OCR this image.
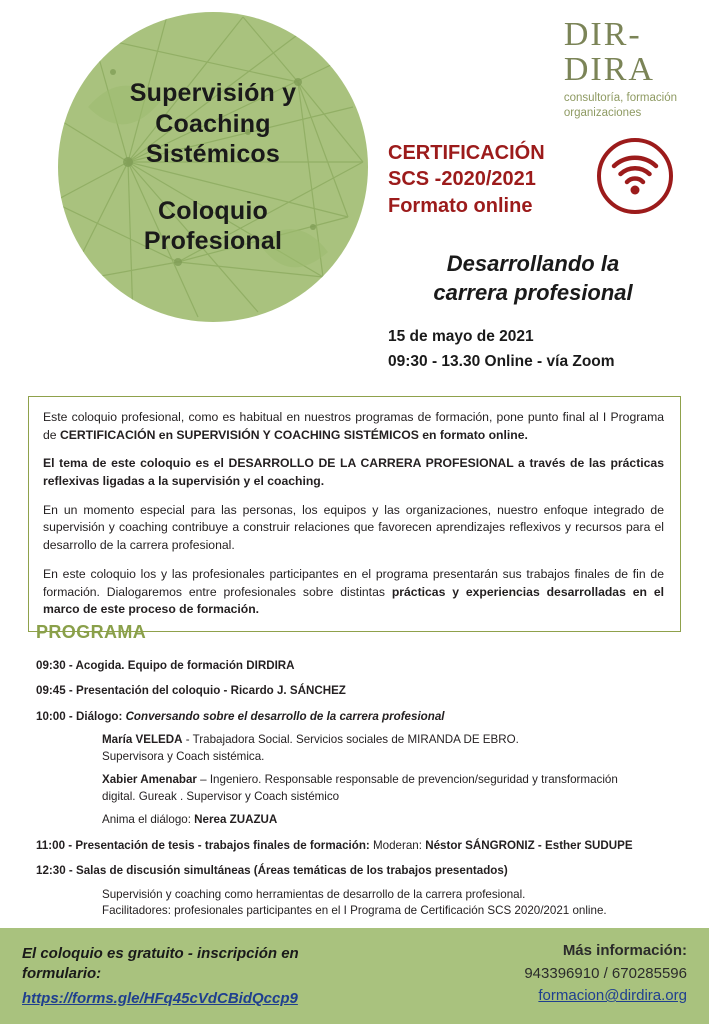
Supervisión y
Coaching
Sistémicos
Coloquio
Profesional
DIR-
DIRA
consultoría, formación
organizaciones
CERTIFICACIÓN
SCS -2020/2021
Formato online
Desarrollando la
carrera profesional
15 de mayo de 2021
09:30 - 13.30 Online - vía Zoom

Este coloquio profesional, como es habitual en nuestros programas de formación, pone punto final al I Programa de CERTIFICACIÓN en SUPERVISIÓN Y COACHING SISTÉMICOS en formato online.

El tema de este coloquio es el DESARROLLO DE LA CARRERA PROFESIONAL a través de las prácticas reflexivas ligadas a la supervisión y el coaching.

En un momento especial para las personas, los equipos y las organizaciones, nuestro enfoque integrado de supervisión y coaching contribuye a construir relaciones que favorecen aprendizajes reflexivos y recursos para el desarrollo de la carrera profesional.

En este coloquio los y las profesionales participantes en el programa presentarán sus trabajos finales de fin de formación. Dialogaremos entre profesionales sobre distintas prácticas y experiencias desarrolladas en el marco de este proceso de formación.

PROGRAMA
09:30 - Acogida. Equipo de formación DIRDIRA
09:45 - Presentación del coloquio - Ricardo J. SÁNCHEZ
10:00 - Diálogo: Conversando sobre el desarrollo de la carrera profesional
María VELEDA - Trabajadora Social. Servicios sociales de MIRANDA DE EBRO.
Supervisora y Coach sistémica.
Xabier Amenabar – Ingeniero. Responsable responsable de prevencion/seguridad y transformación
digital. Gureak . Supervisor y Coach sistémico
Anima el diálogo: Nerea ZUAZUA
11:00 - Presentación de tesis - trabajos finales de formación: Moderan: Néstor SÁNGRONIZ - Esther SUDUPE
12:30 - Salas de discusión simultáneas (Áreas temáticas de los trabajos presentados)
Supervisión y coaching como herramientas de desarrollo de la carrera profesional.
Facilitadores: profesionales participantes en el I Programa de Certificación SCS 2020/2021 online.
El coloquio es gratuito - inscripción en
formulario:
https://forms.gle/HFq45cVdCBidQccp9
Más información:
943396910 / 670285596
formacion@dirdira.org
